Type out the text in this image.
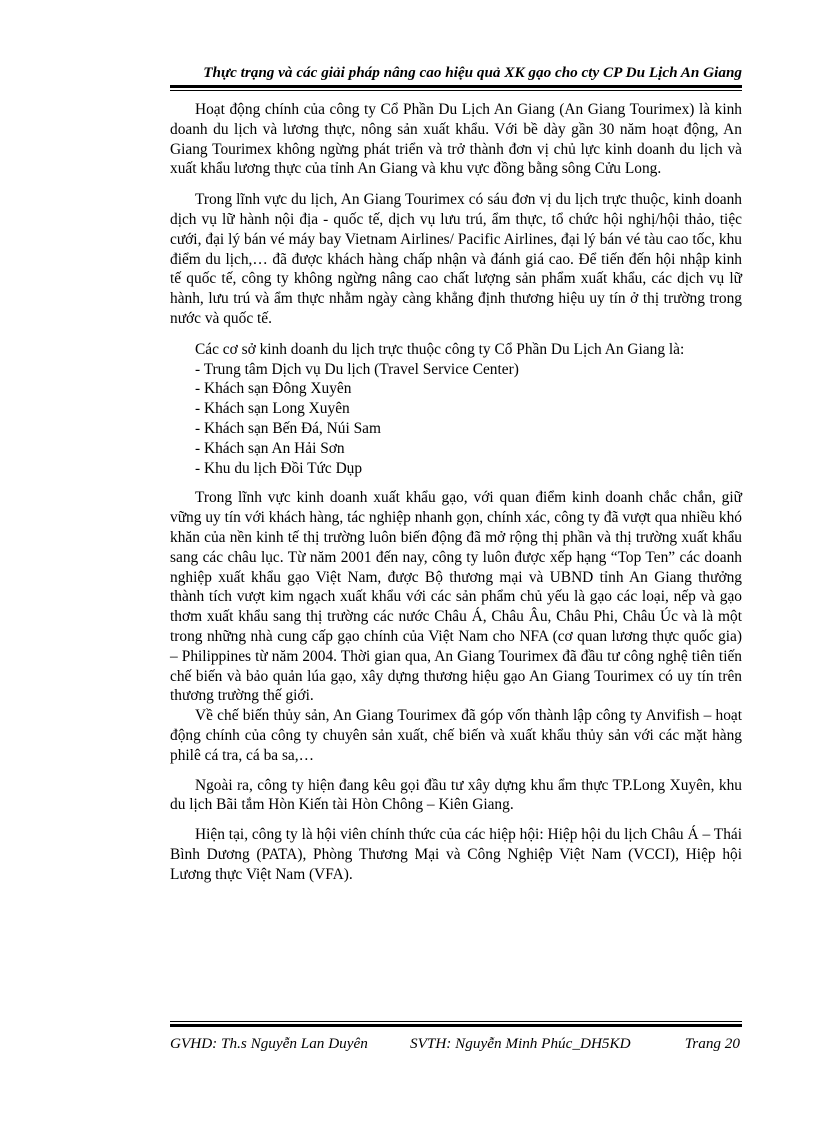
Thực trạng và các giải pháp nâng cao hiệu quả XK gạo cho cty CP Du Lịch An Giang

Hoạt động chính của công ty Cổ Phần Du Lịch An Giang (An Giang Tourimex) là kinh doanh du lịch và lương thực, nông sản xuất khẩu. Với bề dày gần 30 năm hoạt động, An Giang Tourimex không ngừng phát triển và trở thành đơn vị chủ lực kinh doanh du lịch và xuất khẩu lương thực của tỉnh An Giang và khu vực đồng bằng sông Cửu Long.

Trong lĩnh vực du lịch, An Giang Tourimex có sáu đơn vị du lịch trực thuộc, kinh doanh dịch vụ lữ hành nội địa - quốc tế, dịch vụ lưu trú, ẩm thực, tổ chức hội nghị/hội thảo, tiệc cưới, đại lý bán vé máy bay Vietnam Airlines/ Pacific Airlines, đại lý bán vé tàu cao tốc, khu điểm du lịch,… đã được khách hàng chấp nhận và đánh giá cao. Để tiến đến hội nhập kinh tế quốc tế, công ty không ngừng nâng cao chất lượng sản phẩm xuất khẩu, các dịch vụ lữ hành, lưu trú và ẩm thực nhằm ngày càng khẳng định thương hiệu uy tín ở thị trường trong nước và quốc tế.

Các cơ sở kinh doanh du lịch trực thuộc công ty Cổ Phần Du Lịch An Giang là:

- Trung tâm Dịch vụ Du lịch (Travel Service Center)

- Khách sạn Đông Xuyên

- Khách sạn Long Xuyên

- Khách sạn Bến Đá, Núi Sam

- Khách sạn An Hải Sơn

- Khu du lịch Đồi Tức Dụp

Trong lĩnh vực kinh doanh xuất khẩu gạo, với quan điểm kinh doanh chắc chắn, giữ vững uy tín với khách hàng, tác nghiệp nhanh gọn, chính xác, công ty đã vượt qua nhiều khó khăn của nền kinh tế thị trường luôn biến động đã mở rộng thị phần và thị trường xuất khẩu sang các châu lục. Từ năm 2001 đến nay, công ty luôn được xếp hạng “Top Ten” các doanh nghiệp xuất khẩu gạo Việt Nam, được Bộ thương mại và UBND tỉnh An Giang thưởng thành tích vượt kim ngạch xuất khẩu với các sản phẩm chủ yếu là gạo các loại, nếp và gạo thơm xuất khẩu sang thị trường các nước Châu Á, Châu Âu, Châu Phi, Châu Úc và là một trong những nhà cung cấp gạo chính của Việt Nam cho NFA (cơ quan lương thực quốc gia) – Philippines từ năm 2004. Thời gian qua, An Giang Tourimex đã đầu tư công nghệ tiên tiến chế biến và bảo quản lúa gạo, xây dựng thương hiệu gạo An Giang Tourimex có uy tín trên thương trường thế giới.

Về chế biến thủy sản, An Giang Tourimex đã góp vốn thành lập công ty Anvifish – hoạt động chính của công ty chuyên sản xuất, chế biến và xuất khẩu thủy sản với các mặt hàng philê cá tra, cá ba sa,…

Ngoài ra, công ty hiện đang kêu gọi đầu tư xây dựng khu ẩm thực TP.Long Xuyên, khu du lịch Bãi tắm Hòn Kiến tài Hòn Chông – Kiên Giang.

Hiện tại, công ty là hội viên chính thức của các hiệp hội: Hiệp hội du lịch Châu Á – Thái Bình Dương (PATA), Phòng Thương Mại và Công Nghiệp Việt Nam (VCCI), Hiệp hội Lương thực Việt Nam (VFA).

GVHD: Th.s Nguyễn Lan Duyên	SVTH: Nguyễn Minh Phúc_DH5KD	Trang 20
